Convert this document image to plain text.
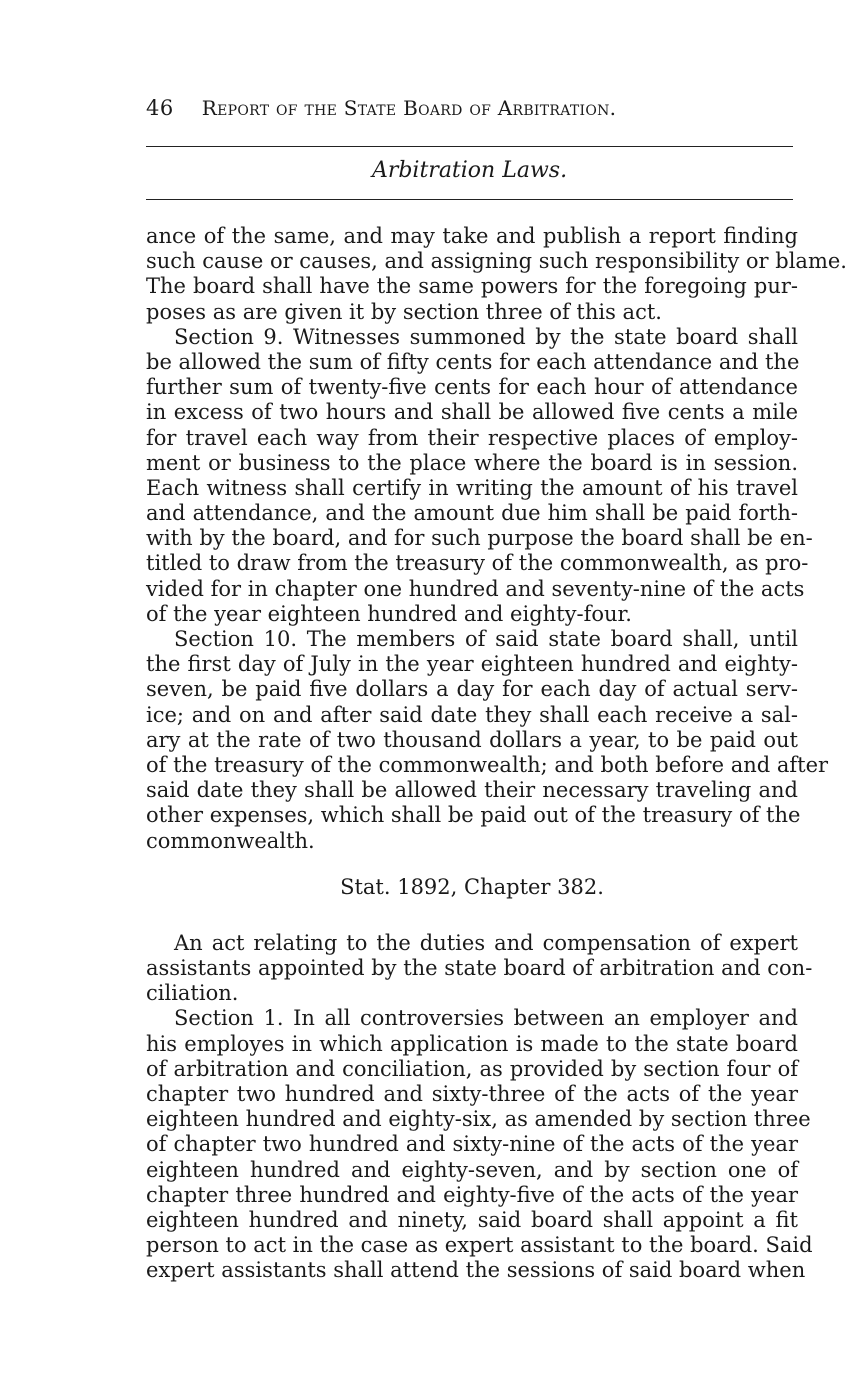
46 Report of the State Board of Arbitration.
Arbitration Laws.
ance of the same, and may take and publish a report finding
such cause or causes, and assigning such responsibility or blame.
The board shall have the same powers for the foregoing pur-
poses as are given it by section three of this act.
Section 9. Witnesses summoned by the state board shall
be allowed the sum of fifty cents for each attendance and the
further sum of twenty-five cents for each hour of attendance
in excess of two hours and shall be allowed five cents a mile
for travel each way from their respective places of employ-
ment or business to the place where the board is in session.
Each witness shall certify in writing the amount of his travel
and attendance, and the amount due him shall be paid forth-
with by the board, and for such purpose the board shall be en-
titled to draw from the treasury of the commonwealth, as pro-
vided for in chapter one hundred and seventy-nine of the acts
of the year eighteen hundred and eighty-four.
Section 10. The members of said state board shall, until
the first day of July in the year eighteen hundred and eighty-
seven, be paid five dollars a day for each day of actual serv-
ice; and on and after said date they shall each receive a sal-
ary at the rate of two thousand dollars a year, to be paid out
of the treasury of the commonwealth; and both before and after
said date they shall be allowed their necessary traveling and
other expenses, which shall be paid out of the treasury of the
commonwealth.
Stat. 1892, Chapter 382.
An act relating to the duties and compensation of expert
assistants appointed by the state board of arbitration and con-
ciliation.
Section 1. In all controversies between an employer and
his employes in which application is made to the state board
of arbitration and conciliation, as provided by section four of
chapter two hundred and sixty-three of the acts of the year
eighteen hundred and eighty-six, as amended by section three
of chapter two hundred and sixty-nine of the acts of the year
eighteen hundred and eighty-seven, and by section one of
chapter three hundred and eighty-five of the acts of the year
eighteen hundred and ninety, said board shall appoint a fit
person to act in the case as expert assistant to the board. Said
expert assistants shall attend the sessions of said board when
